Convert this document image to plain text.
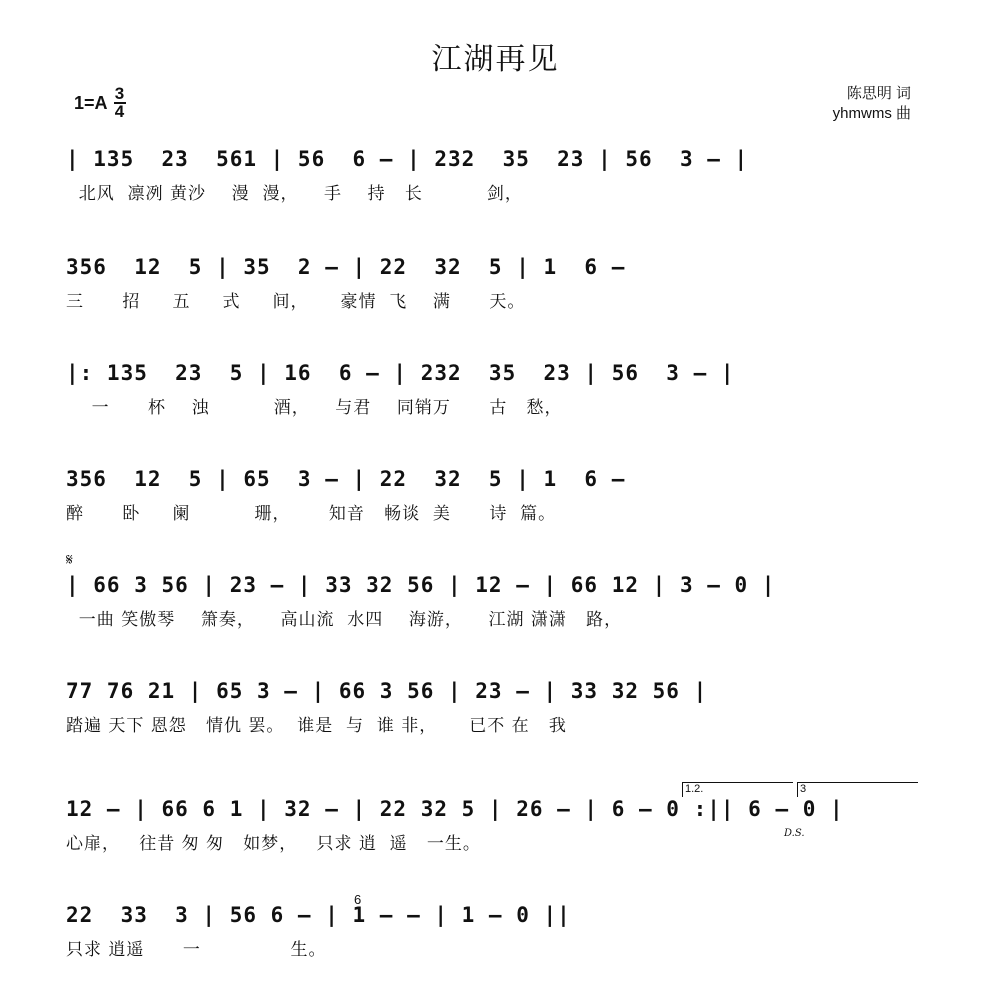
江湖再见
1=A 3
4
陈思明 词
yhmwms 曲
𝄋
D.S.
1.2.	3
6
| 135  23  561 | 56  6 – | 232  35  23 | 56  3 – |
北风  凛冽 黄沙    漫  漫，    手    持   长          剑，
356  12  5 | 35  2 – | 22  32  5 | 1  6 –
三      招     五     式     间，     豪情  飞    满      天。
|: 135  23  5 | 16  6 – | 232  35  23 | 56  3 – |
一      杯    浊          酒，    与君    同销万      古   愁，
356  12  5 | 65  3 – | 22  32  5 | 1  6 –
醉      卧     阑          珊，      知音   畅谈  美      诗  篇。
| 66 3 56 | 23 – | 33 32 56 | 12 – | 66 12 | 3 – 0 |
一曲 笑傲琴    箫奏，    高山流  水四    海游，    江湖 潇潇   路，
77 76 21 | 65 3 – | 66 3 56 | 23 – | 33 32 56 |
踏遍 天下 恩怨   情仇 罢。  谁是  与  谁 非，     已不 在   我
12 – | 66 6 1 | 32 – | 22 32 5 | 26 – | 6 – 0 :|| 6 – 0 |
心扉，   往昔 匆 匆   如梦，   只求 逍  遥   一生。
22  33  3 | 56 6 – | 1 – – | 1 – 0 ||
只求 逍遥      一              生。
